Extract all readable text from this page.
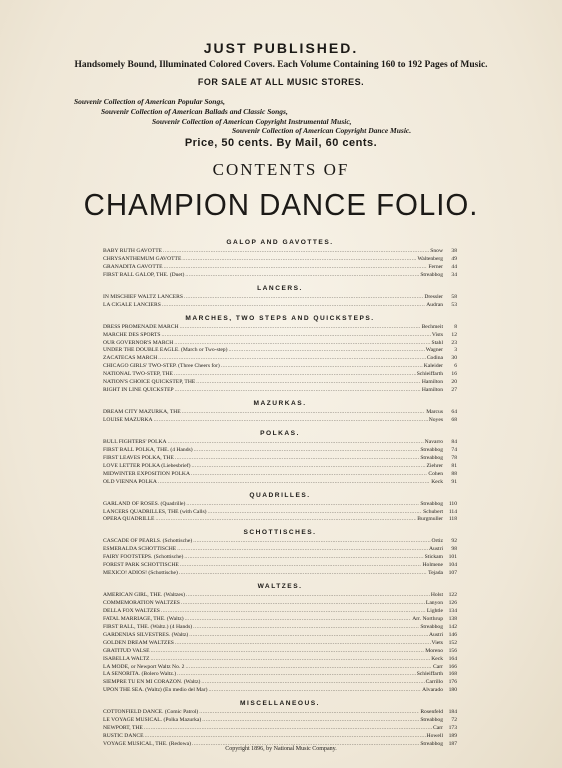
JUST PUBLISHED.
Handsomely Bound, Illuminated Colored Covers. Each Volume Containing 160 to 192 Pages of Music.
FOR SALE AT ALL MUSIC STORES.
Souvenir Collection of American Popular Songs,
Souvenir Collection of American Ballads and Classic Songs,
Souvenir Collection of American Copyright Instrumental Music,
Souvenir Collection of American Copyright Dance Music.
Price, 50 cents. By Mail, 60 cents.
CONTENTS OF
CHAMPION DANCE FOLIO.
GALOP AND GAVOTTES.
BABY RUTH GAVOTTE .....	Snow	38
CHRYSANTHEMUM GAVOTTE .....	Waltenberg	49
GRANADITA GAVOTTE .....	Ferner	44
FIRST BALL GALOP, THE. (Duet) .....	Streabbog	34
LANCERS.
IN MISCHIEF WALTZ LANCERS .....	Dressler	58
LA CIGALE LANCIERS .....	Audran	53
MARCHES, TWO STEPS AND QUICKSTEPS.
DRESS PROMENADE MARCH .....	Bechmeit	8
MARCHE DES SPORTS .....	Vists	12
OUR GOVERNOR'S MARCH .....	Stahl	23
UNDER THE DOUBLE EAGLE. (March or Two-step) .....	Wagner	3
ZACATECAS MARCH .....	Codina	30
CHICAGO GIRLS' TWO-STEP. (Three Cheers for) .....	Kaleider	6
NATIONAL TWO-STEP, THE .....	Schleiffarth	16
NATION'S CHOICE QUICKSTEP, THE .....	Hamilton	20
RIGHT IN LINE QUICKSTEP .....	Hamilton	27
MAZURKAS.
DREAM CITY MAZURKA, THE .....	Marcus	64
LOUISE MAZURKA .....	Noyes	68
POLKAS.
BULL FIGHTERS' POLKA .....	Navarro	84
FIRST BALL POLKA, THE. (4 Hands) .....	Streabbog	74
FIRST LEAVES POLKA, THE .....	Streabbog	78
LOVE LETTER POLKA (Liebesbrief) .....	Ziehrer	81
MIDWINTER EXPOSITION POLKA .....	Cohen	88
OLD VIENNA POLKA .....	Keck	91
QUADRILLES.
GARLAND OF ROSES. (Quadrille) .....	Streabbog	110
LANCERS QUADRILLES, THE (with Calls) .....	Schubert	114
OPERA QUADRILLE .....	Burgmuller	118
SCHOTTISCHES.
CASCADE OF PEARLS. (Schottische) .....	Ortiz	92
ESMERALDA SCHOTTISCHE .....	Austri	98
FAIRY FOOTSTEPS. (Schottische) .....	Stickam	101
FOREST PARK SCHOTTISCHE .....	Holmene	104
MEXICO! ADIOS! (Schottische) .....	Tejada	107
WALTZES.
AMERICAN GIRL, THE. (Waltzes) .....	Holst	122
COMMEMORATION WALTZES .....	Lanyon	126
DELLA FOX WALTZES .....	Lightle	134
FATAL MARRIAGE, THE. (Waltz) .....	Arr. Northrup	138
FIRST BALL, THE. (Waltz.) (4 Hands) .....	Streabbog	142
GARDENIAS SILVESTRES. (Waltz) .....	Austri	146
GOLDEN DREAM WALTZES .....	Viets	152
GRATITUD VALSE .....	Moreno	156
ISABELLA WALTZ .....	Keck	164
LA MODE, or Newport Waltz No. 2 .....	Carr	166
LA SENORITA. (Bolero Waltz.) .....	Schleiffarth	168
SIEMPRE TU EN MI CORAZON. (Waltz) .....	Carrillo	176
UPON THE SEA. (Waltz) (En medio del Mar) .....	Alvarado	180
MISCELLANEOUS.
COTTONFIELD DANCE. (Comic Patrol) .....	Rosenfeld	184
LE VOYAGE MUSICAL. (Polka Mazurka) .....	Streabbog	72
NEWPORT, THE .....	Carr	173
RUSTIC DANCE .....	Howell	189
VOYAGE MUSICAL, THE. (Redowa) .....	Streabbog	187
Copyright 1896, by National Music Company.
